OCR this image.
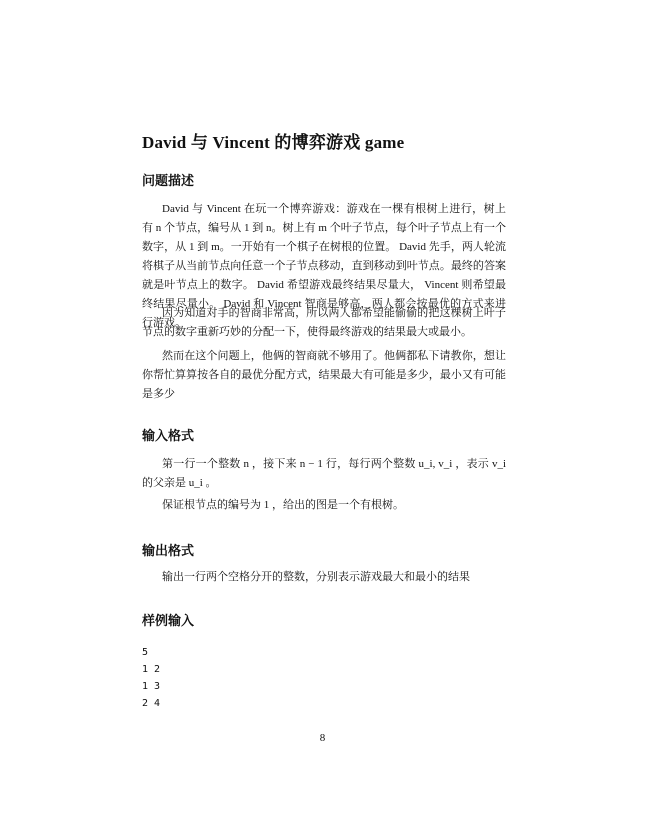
David 与 Vincent 的博弈游戏 game
问题描述

David 与 Vincent 在玩一个博弈游戏：游戏在一棵有根树上进行，树上有 n 个节点，编号从 1 到 n。树上有 m 个叶子节点，每个叶子节点上有一个数字，从 1 到 m。一开始有一个棋子在树根的位置。 David 先手，两人轮流将棋子从当前节点向任意一个子节点移动，直到移动到叶节点。最终的答案就是叶节点上的数字。 David 希望游戏最终结果尽量大， Vincent 则希望最终结果尽量小。 David 和 Vincent 智商是够高，两人都会按最优的方式来进行游戏。

因为知道对手的智商非常高，所以两人都希望能偷偷的把这棵树上叶子节点的数字重新巧妙的分配一下，使得最终游戏的结果最大或最小。

然而在这个问题上，他俩的智商就不够用了。他俩都私下请教你，想让你帮忙算算按各自的最优分配方式，结果最大有可能是多少，最小又有可能是多少

输入格式

第一行一个整数 n ，接下来 n − 1 行，每行两个整数 u_i, v_i ，表示 v_i 的父亲是 u_i 。

保证根节点的编号为 1 ，给出的图是一个有根树。

输出格式

输出一行两个空格分开的整数，分别表示游戏最大和最小的结果

样例输入
5
1 2
1 3
2 4
8
